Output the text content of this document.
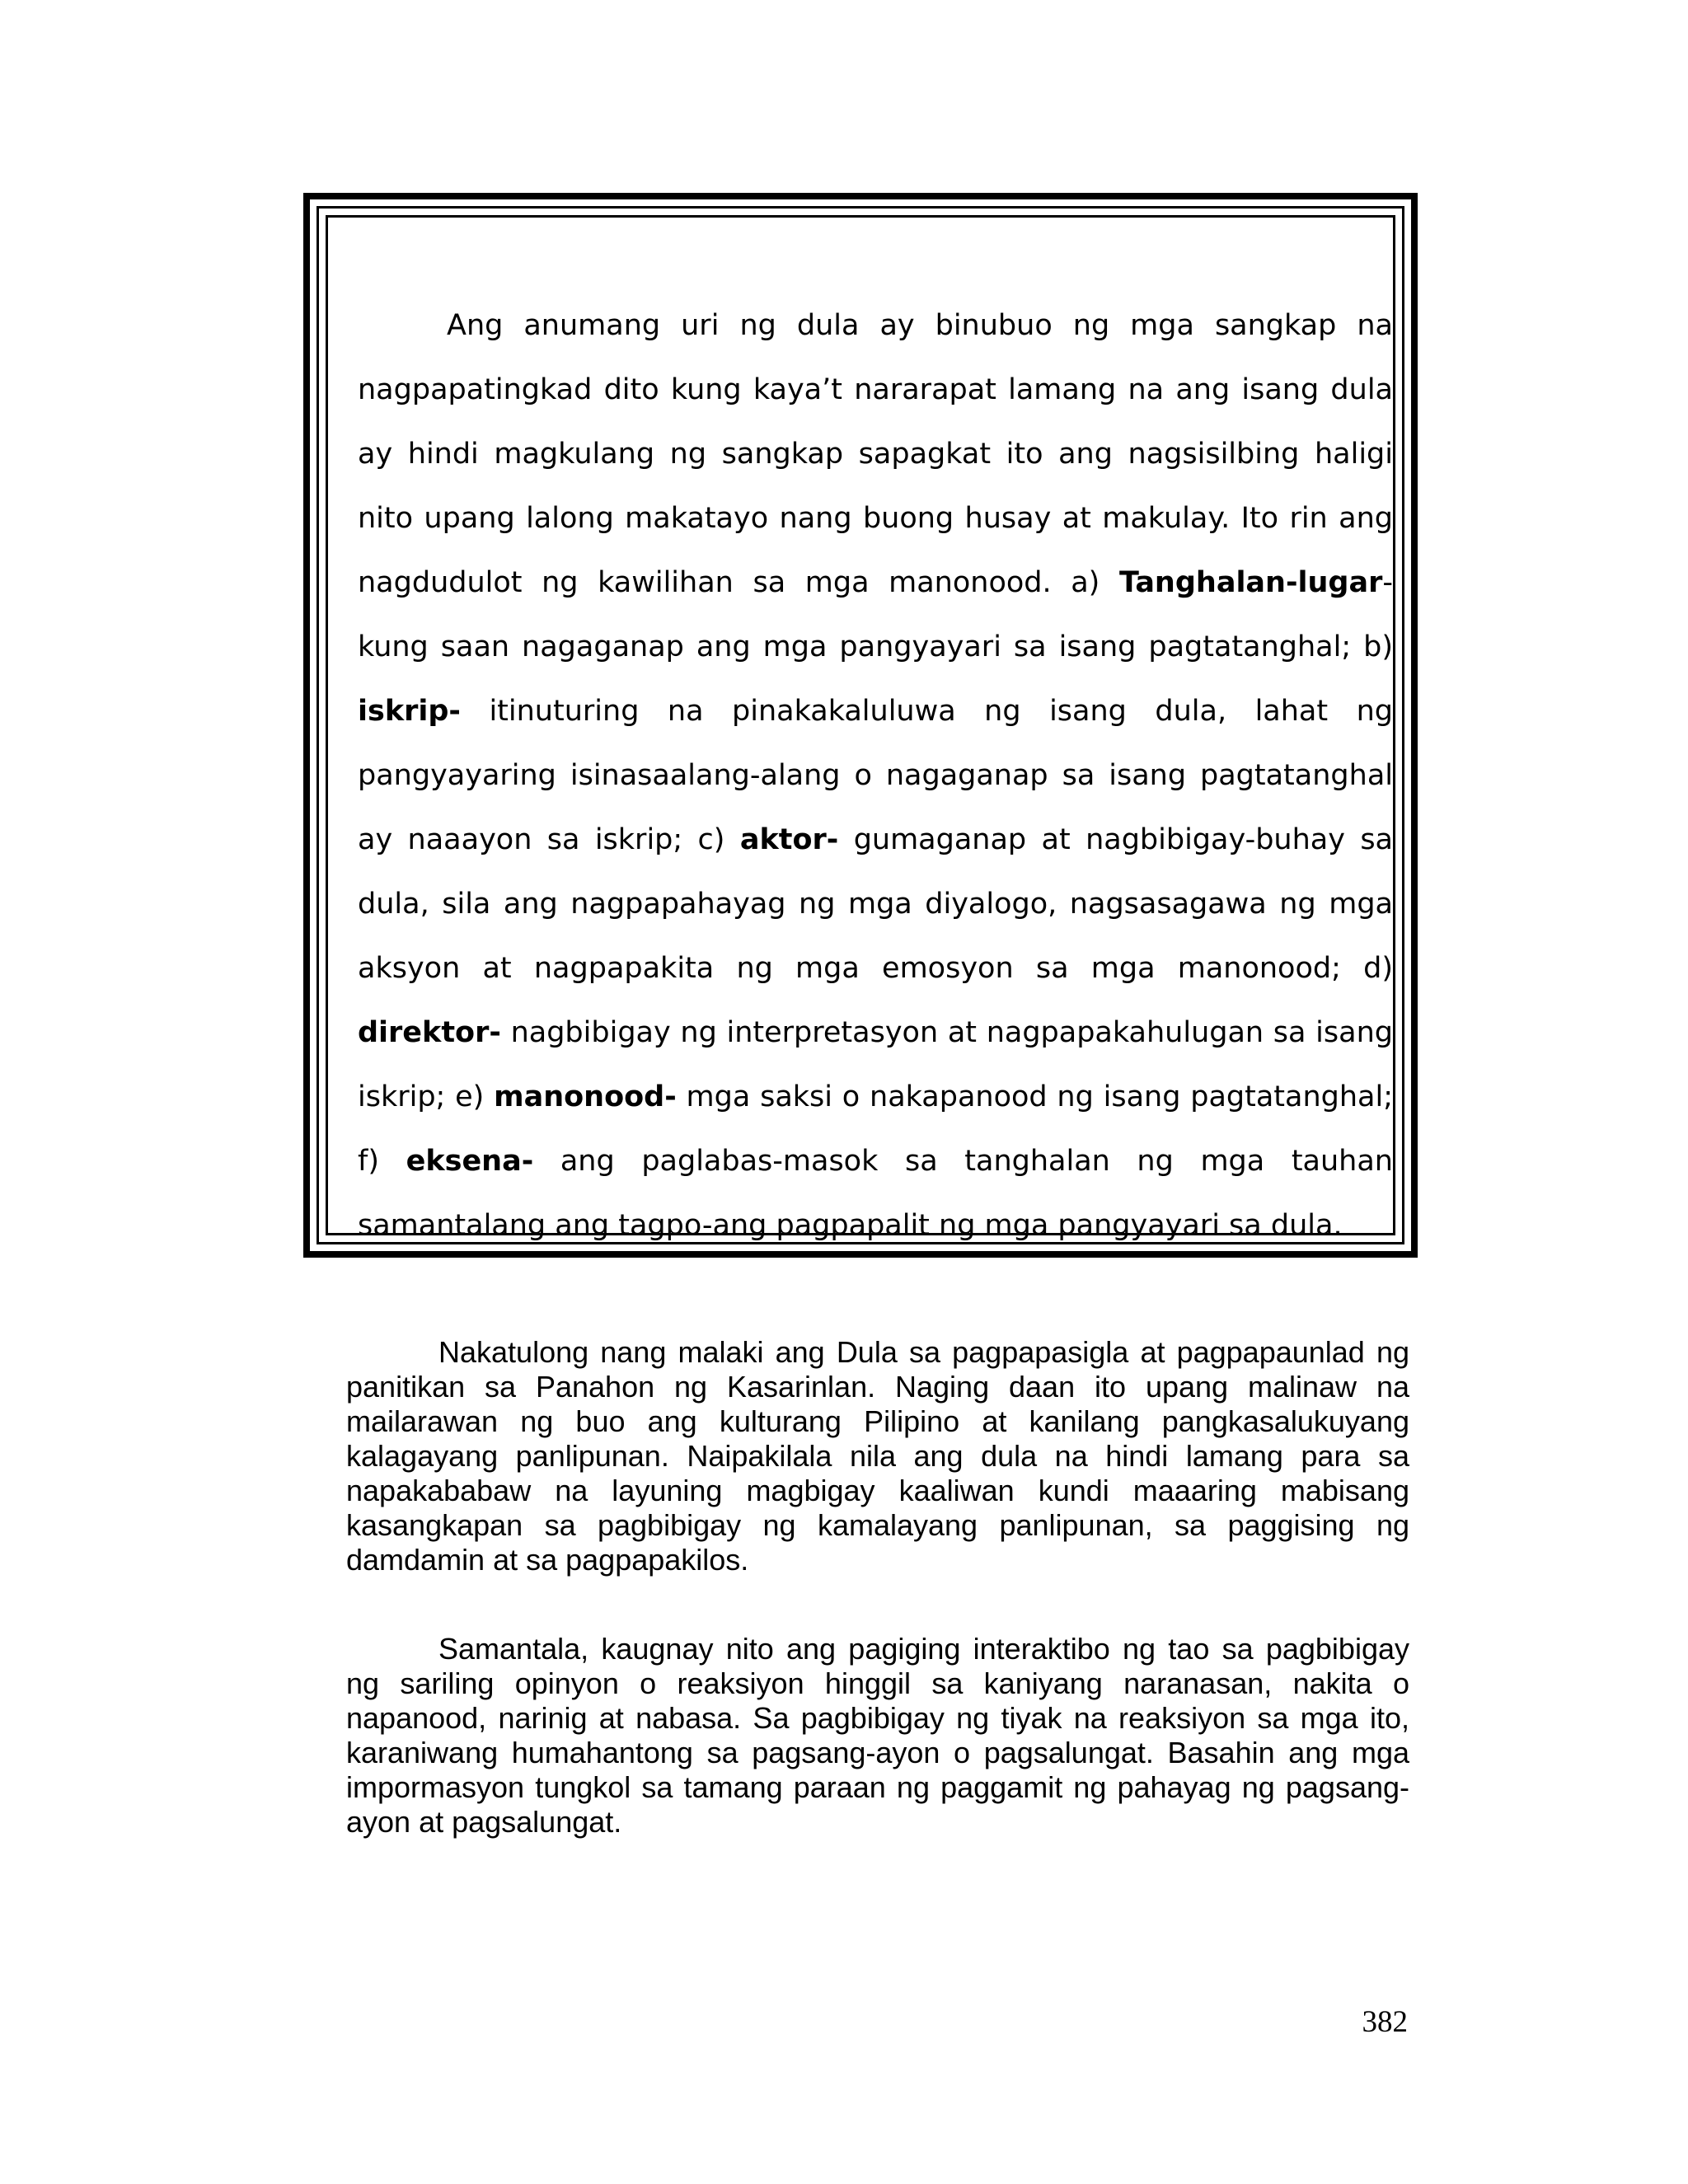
Ang anumang uri ng dula ay binubuo ng mga sangkap na nagpapatingkad dito kung kaya’t nararapat lamang na ang isang dula ay hindi magkulang ng sangkap sapagkat ito ang nagsisilbing haligi nito upang lalong makatayo nang buong husay at makulay. Ito rin ang nagdudulot ng kawilihan sa mga manonood. a) Tanghalan-lugar- kung saan nagaganap ang mga pangyayari sa isang pagtatanghal; b) iskrip- itinuturing na pinakakaluluwa ng isang dula, lahat ng pangyayaring isinasaalang-alang o nagaganap sa isang pagtatanghal ay naaayon sa iskrip; c) aktor- gumaganap at nagbibigay-buhay sa dula, sila ang nagpapahayag ng mga diyalogo, nagsasagawa ng mga aksyon at nagpapakita ng mga emosyon sa mga manonood; d) direktor- nagbibigay ng interpretasyon at nagpapakahulugan sa isang iskrip; e) manonood- mga saksi o nakapanood ng isang pagtatanghal; f) eksena- ang paglabas-masok sa tanghalan ng mga tauhan samantalang ang tagpo-ang pagpapalit ng mga pangyayari sa dula.

Nakatulong nang malaki ang Dula sa pagpapasigla at pagpapaunlad ng panitikan sa Panahon ng Kasarinlan. Naging daan ito upang malinaw na mailarawan ng buo ang kulturang Pilipino at kanilang pangkasalukuyang kalagayang panlipunan. Naipakilala nila ang dula na hindi lamang para sa napakababaw na layuning magbigay kaaliwan kundi maaaring mabisang kasangkapan sa pagbibigay ng kamalayang panlipunan, sa paggising ng damdamin at sa pagpapakilos.

Samantala, kaugnay nito ang pagiging interaktibo ng tao sa pagbibigay ng sariling opinyon o reaksiyon hinggil sa kaniyang naranasan, nakita o napanood, narinig at nabasa. Sa pagbibigay ng tiyak na reaksiyon sa mga ito, karaniwang humahantong sa pagsang-ayon o pagsalungat. Basahin ang mga impormasyon tungkol sa tamang paraan ng paggamit ng pahayag ng pagsang-ayon at pagsalungat.

382
